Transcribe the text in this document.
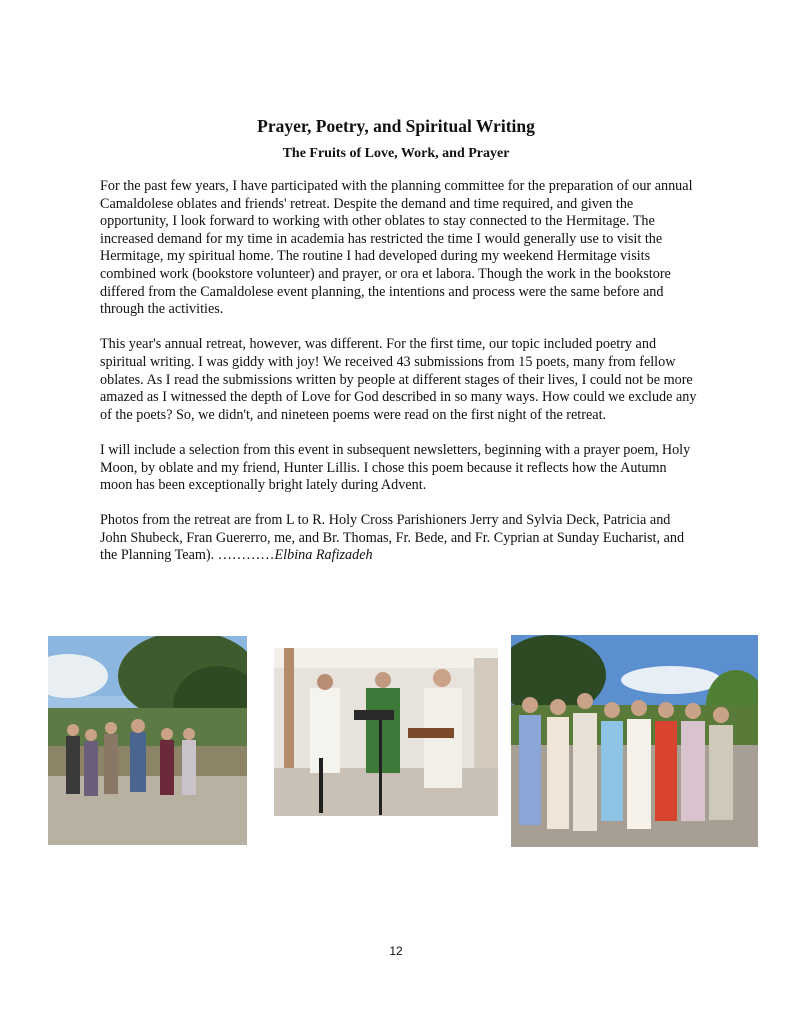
Prayer, Poetry, and Spiritual Writing
The Fruits of Love, Work, and Prayer

For the past few years, I have participated with the planning committee for the preparation of our annual Camaldolese oblates and friends' retreat. Despite the demand and time required, and given the opportunity, I look forward to working with other oblates to stay connected to the Hermitage. The increased demand for my time in academia has restricted the time I would generally use to visit the Hermitage, my spiritual home. The routine I had developed during my weekend Hermitage visits combined work (bookstore volunteer) and prayer, or ora et labora. Though the work in the bookstore differed from the Camaldolese event planning, the intentions and process were the same before and through the activities.

This year's annual retreat, however, was different. For the first time, our topic included poetry and spiritual writing. I was giddy with joy! We received 43 submissions from 15 poets, many from fellow oblates. As I read the submissions written by people at different stages of their lives, I could not be more amazed as I witnessed the depth of Love for God described in so many ways. How could we exclude any of the poets? So, we didn't, and nineteen poems were read on the first night of the retreat.

I will include a selection from this event in subsequent newsletters, beginning with a prayer poem, Holy Moon, by oblate and my friend, Hunter Lillis. I chose this poem because it reflects how the Autumn moon has been exceptionally bright lately during Advent.

Photos from the retreat are from L to R. Holy Cross Parishioners Jerry and Sylvia Deck, Patricia and John Shubeck, Fran Guererro, me, and Br. Thomas, Fr. Bede, and Fr. Cyprian at Sunday Eucharist, and the Planning Team). …………Elbina Rafizadeh

12
